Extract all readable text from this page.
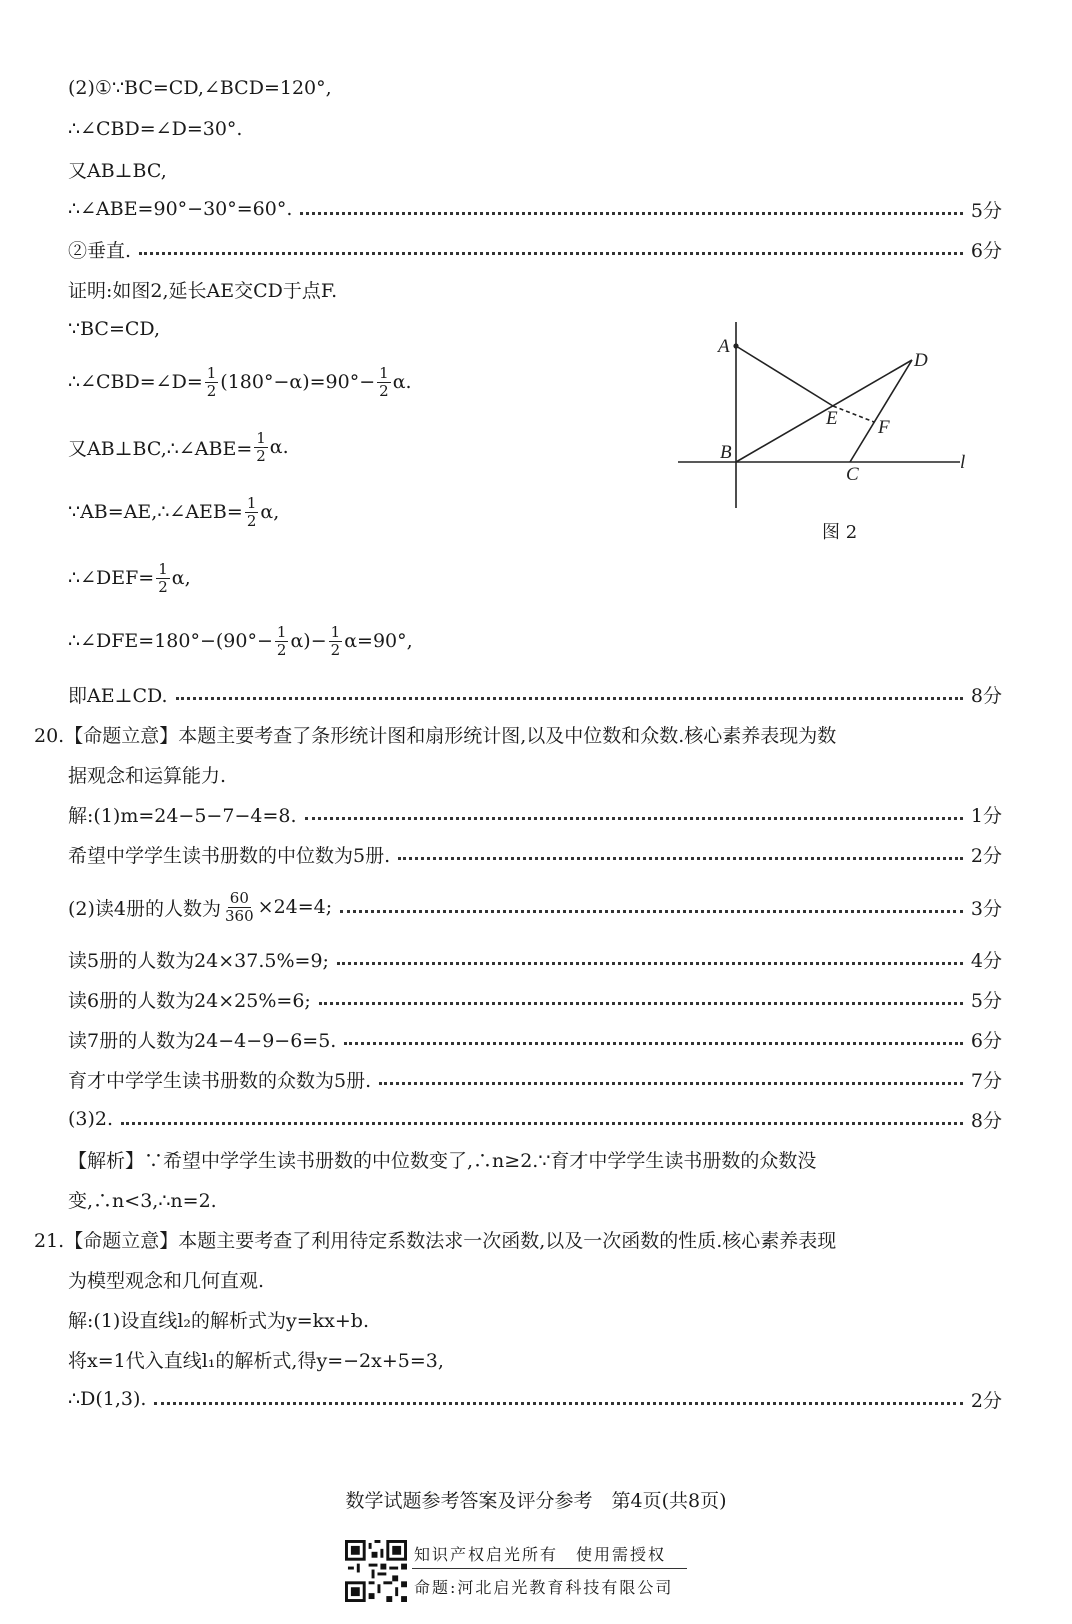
(2)①∵BC=CD,∠BCD=120°,
∴∠CBD=∠D=30°.
又AB⊥BC,
∴∠ABE=90°−30°=60°.	5分
②垂直.	6分
证明:如图2,延长AE交CD于点F.
∵BC=CD,
∴∠CBD=∠D= $\frac{1}{2} (180^\circ-\alpha)=90^\circ- \frac{1}{2} \alpha$.
又AB⊥BC,∴∠ABE= $\frac{1}{2} \alpha$.
∵AB=AE,∴∠AEB= $\frac{1}{2} \alpha$,
∴∠DEF= $\frac{1}{2} \alpha$,
∴∠DFE=180°−(90°− $\frac{1}{2} \alpha)- \frac{1}{2} \alpha=90^\circ$,
即AE⊥CD.	8分
A
B
C
D
E F
l
图 2
20.【命题立意】本题主要考查了条形统计图和扇形统计图,以及中位数和众数.核心素养表现为数
据观念和运算能力.
解:(1)m=24−5−7−4=8.	1分
希望中学学生读书册数的中位数为5册.	2分
(2)读4册的人数为 $\frac{60}{360} \times 24=4$;	3分
读5册的人数为24×37.5%=9;	4分
读6册的人数为24×25%=6;	5分
读7册的人数为24−4−9−6=5.	6分
育才中学学生读书册数的众数为5册.	7分
(3)2.	8分
【解析】∵希望中学学生读书册数的中位数变了,∴n≥2.∵育才中学学生读书册数的众数没
变,∴n<3,∴n=2.
21.【命题立意】本题主要考查了利用待定系数法求一次函数,以及一次函数的性质.核心素养表现
为模型观念和几何直观.
解:(1)设直线l₂的解析式为y=kx+b.
将x=1代入直线l₁的解析式,得y=−2x+5=3,
∴D(1,3).	2分
数学试题参考答案及评分参考　第4页(共8页)
知识产权启光所有　使用需授权
命题:河北启光教育科技有限公司
